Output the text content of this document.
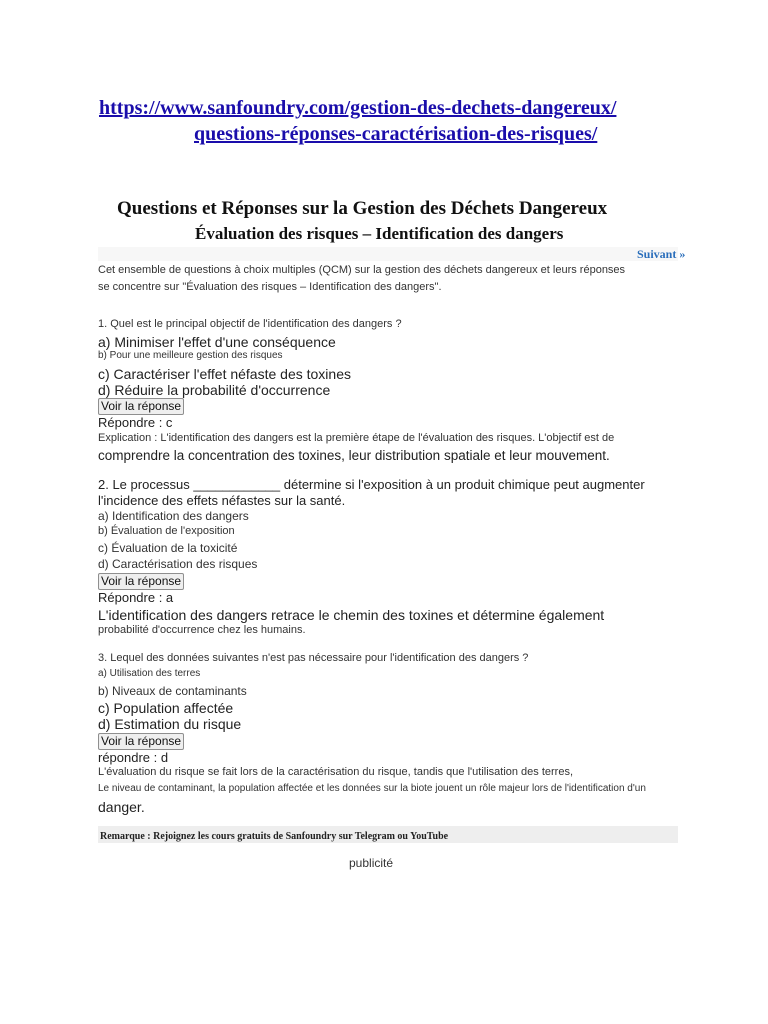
https://www.sanfoundry.com/gestion-des-dechets-dangereux/
questions-réponses-caractérisation-des-risques/
Questions et Réponses sur la Gestion des Déchets Dangereux
Évaluation des risques – Identification des dangers
Suivant »
Cet ensemble de questions à choix multiples (QCM) sur la gestion des déchets dangereux et leurs réponses
se concentre sur "Évaluation des risques – Identification des dangers".
1. Quel est le principal objectif de l'identification des dangers ?
a) Minimiser l'effet d'une conséquence
b) Pour une meilleure gestion des risques
c) Caractériser l'effet néfaste des toxines
d) Réduire la probabilité d'occurrence
Voir la réponse
Répondre : c
Explication : L'identification des dangers est la première étape de l'évaluation des risques. L'objectif est de
comprendre la concentration des toxines, leur distribution spatiale et leur mouvement.
2. Le processus ____________ détermine si l'exposition à un produit chimique peut augmenter
l'incidence des effets néfastes sur la santé.
a) Identification des dangers
b) Évaluation de l'exposition
c) Évaluation de la toxicité
d) Caractérisation des risques
Voir la réponse
Répondre : a
L'identification des dangers retrace le chemin des toxines et détermine également
probabilité d'occurrence chez les humains.
3. Lequel des données suivantes n'est pas nécessaire pour l'identification des dangers ?
a) Utilisation des terres
b) Niveaux de contaminants
c) Population affectée
d) Estimation du risque
Voir la réponse
répondre : d
L'évaluation du risque se fait lors de la caractérisation du risque, tandis que l'utilisation des terres,
Le niveau de contaminant, la population affectée et les données sur la biote jouent un rôle majeur lors de l'identification d'un
danger.
Remarque : Rejoignez les cours gratuits de Sanfoundry sur Telegram ou YouTube
publicité
